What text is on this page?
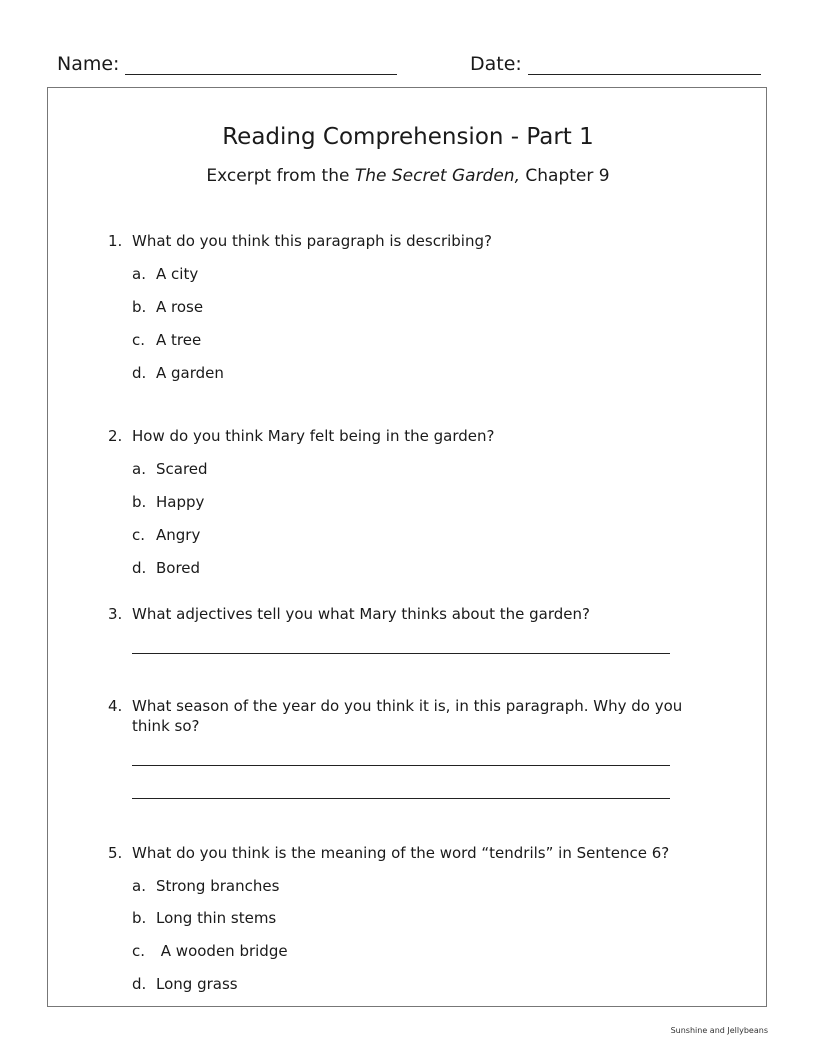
Name:	Date:
Reading Comprehension - Part 1
Excerpt from the The Secret Garden, Chapter 9
1. What do you think this paragraph is describing?
a. A city
b. A rose
c. A tree
d. A garden
2. How do you think Mary felt being in the garden?
a. Scared
b. Happy
c. Angry
d. Bored
3. What adjectives tell you what Mary thinks about the garden?
4. What season of the year do you think it is, in this paragraph. Why do you think so?
5. What do you think is the meaning of the word “tendrils” in Sentence 6?
a. Strong branches
b. Long thin stems
c. A wooden bridge
d. Long grass
Sunshine and Jellybeans
